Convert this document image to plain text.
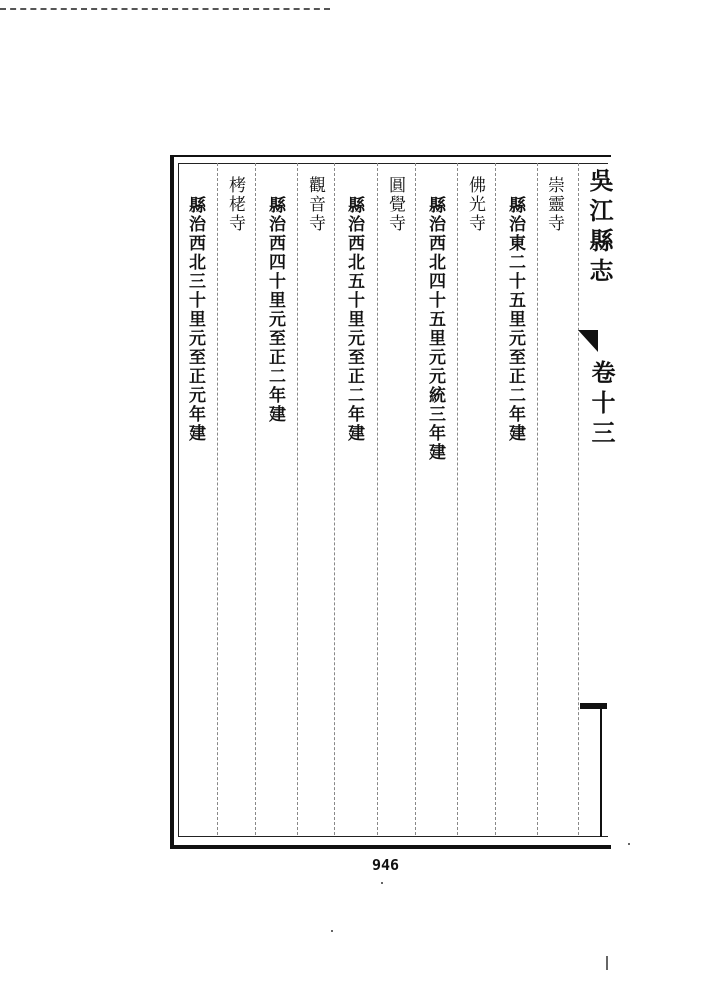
吳江縣志
卷十三
崇靈寺
縣治東二十五里元至正二年建
佛光寺
縣治西北四十五里元元統三年建
圓覺寺
縣治西北五十里元至正二年建
觀音寺
縣治西四十里元至正二年建
栲栳寺
縣治西北三十里元至正元年建
946
